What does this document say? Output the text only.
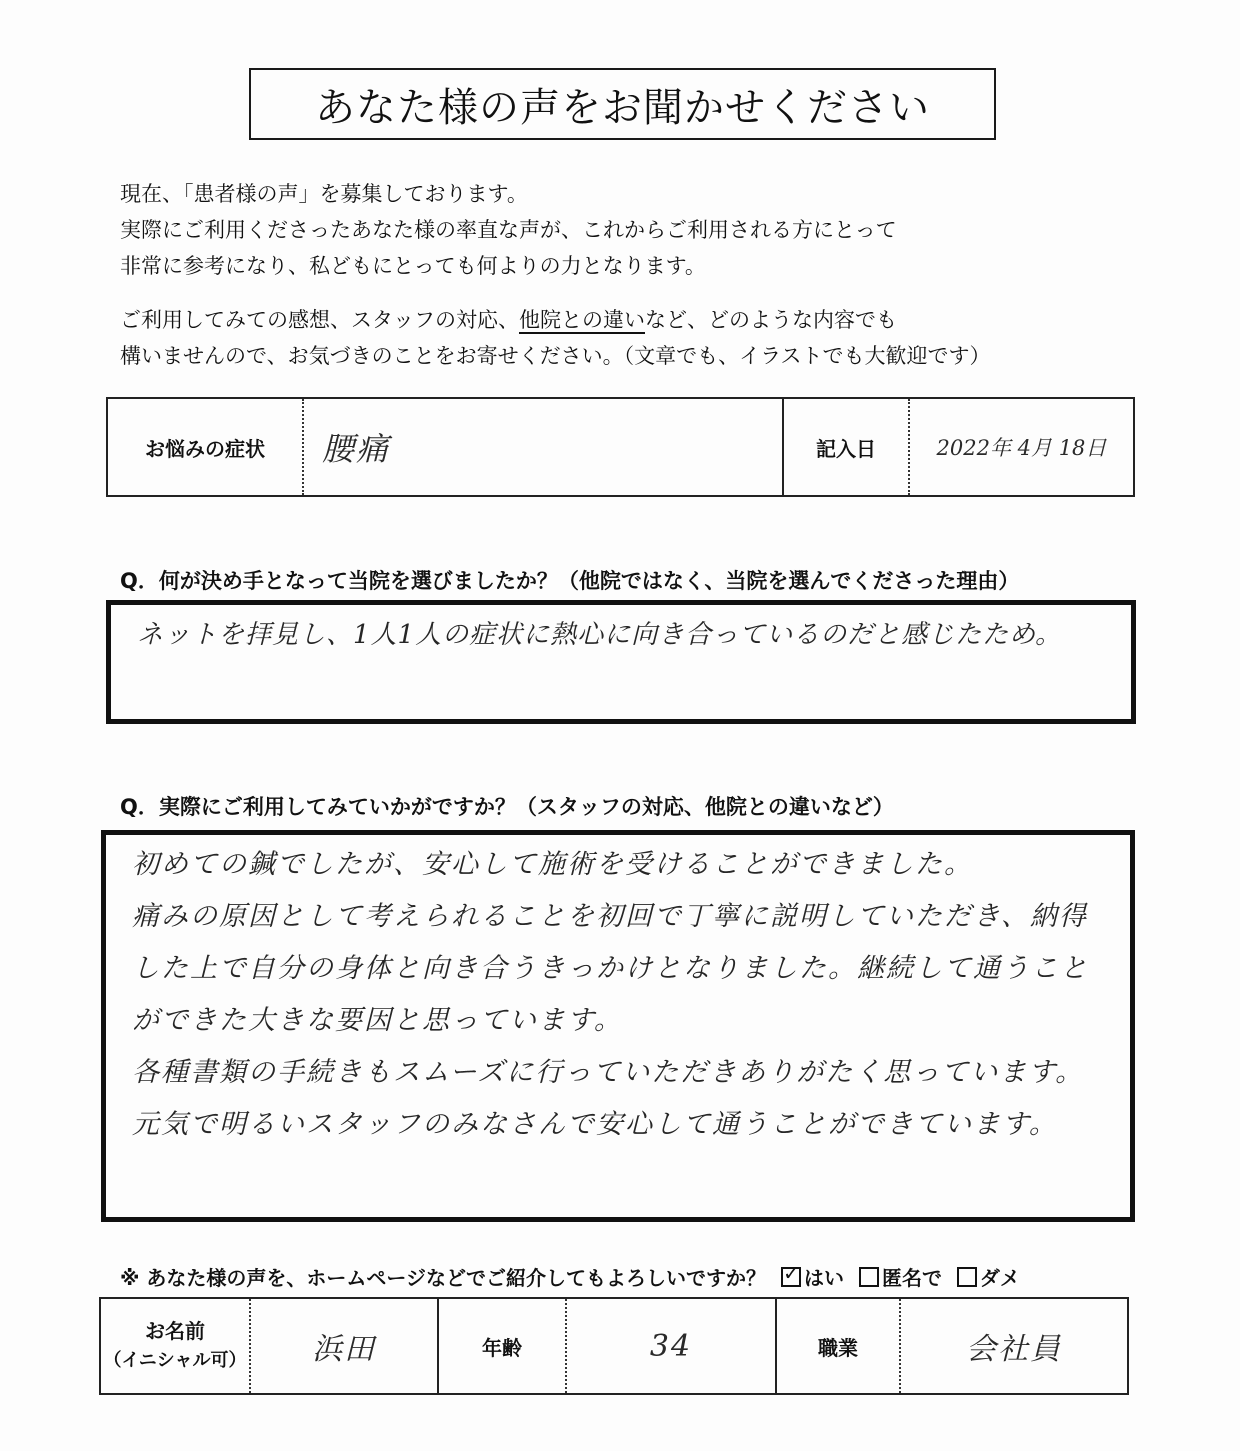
あなた様の声をお聞かせください
現在、「患者様の声」を募集しております。
実際にご利用くださったあなた様の率直な声が、これからご利用される方にとって
非常に参考になり、私どもにとっても何よりの力となります。
ご利用してみての感想、スタッフの対応、他院との違いなど、どのような内容でも
構いませんので、お気づきのことをお寄せください。（文章でも、イラストでも大歓迎です）
お悩みの症状	腰痛	記入日	2022年 4月 18日
Q．何が決め手となって当院を選びましたか？（他院ではなく、当院を選んでくださった理由）
ネットを拝見し、1人1人の症状に熱心に向き合っているのだと感じたため。
Q．実際にご利用してみていかがですか？（スタッフの対応、他院との違いなど）
初めての鍼でしたが、安心して施術を受けることができました。
痛みの原因として考えられることを初回で丁寧に説明していただき、納得した上で自分の身体と向き合うきっかけとなりました。継続して通うことができた大きな要因と思っています。
各種書類の手続きもスムーズに行っていただきありがたく思っています。
元気で明るいスタッフのみなさんで安心して通うことができています。
※ あなた様の声を、ホームページなどでご紹介してもよろしいですか？ ✓ はい 匿名で ダメ
お名前
（イニシャル可）	浜田	年齢	34	職業	会社員
